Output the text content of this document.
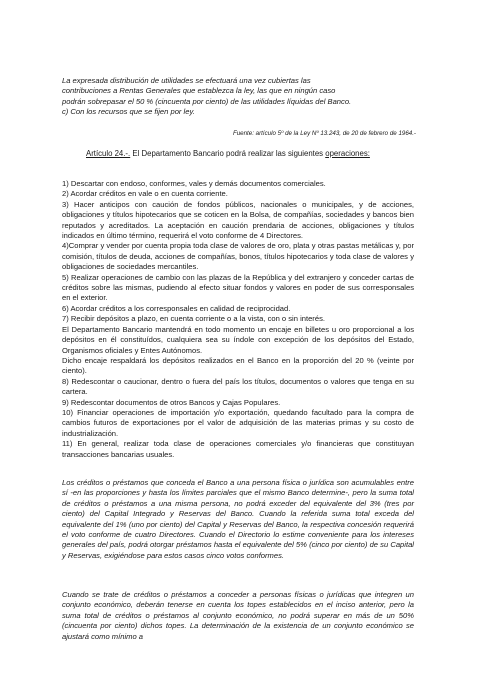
La expresada distribución de utilidades se efectuará una vez cubiertas las

contribuciones a Rentas Generales que establezca la ley, las que en ningún caso

podrán sobrepasar el 50 % (cincuenta por ciento) de las utilidades líquidas del Banco.

c) Con los recursos que se fijen por ley.

Fuente: artículo 5º de la Ley Nº 13.243, de 20 de febrero de 1964.-

Artículo 24.-. El Departamento Bancario podrá realizar las siguientes operaciones:

1) Descartar con endoso, conformes, vales y demás documentos comerciales.

2) Acordar créditos en vale o en cuenta corriente.

3) Hacer anticipos con caución de fondos públicos, nacionales o municipales, y de acciones, obligaciones y títulos hipotecarios que se coticen en la Bolsa, de compañías, sociedades y bancos bien reputados y acreditados. La aceptación en caución prendaria de acciones, obligaciones y títulos indicados en último término, requerirá el voto conforme de 4 Directores.

4)Comprar y vender por cuenta propia toda clase de valores de oro, plata y otras pastas metálicas y, por comisión, títulos de deuda, acciones de compañías, bonos, títulos hipotecarios y toda clase de valores y obligaciones de sociedades mercantiles.

5) Realizar operaciones de cambio con las plazas de la República y del extranjero y conceder cartas de créditos sobre las mismas, pudiendo al efecto situar fondos y valores en poder de sus corresponsales en el exterior.

6) Acordar créditos a los corresponsales en calidad de reciprocidad.

7) Recibir depósitos a plazo, en cuenta corriente o a la vista, con o sin interés.

El Departamento Bancario mantendrá en todo momento un encaje en billetes u oro proporcional a los depósitos en él constituídos, cualquiera sea su índole con excepción de los depósitos del Estado, Organismos oficiales y Entes Autónomos.

Dicho encaje respaldará los depósitos realizados en el Banco en la proporción del 20 % (veinte por ciento).

8) Redescontar o caucionar, dentro o fuera del país los títulos, documentos o valores que tenga en su cartera.

9) Redescontar documentos de otros Bancos y Cajas Populares.

10) Financiar operaciones de importación y/o exportación, quedando facultado para la compra de cambios futuros de exportaciones por el valor de adquisición de las materias primas y su costo de industrialización.

11) En general, realizar toda clase de operaciones comerciales y/o financieras que constituyan transacciones bancarias usuales.

Los créditos o préstamos que conceda el Banco a una persona física o jurídica son acumulables entre sí -en las proporciones y hasta los límites parciales que el mismo Banco determine-, pero la suma total de créditos o préstamos a una misma persona, no podrá exceder del equivalente del 3% (tres por ciento) del Capital Integrado y Reservas del Banco. Cuando la referida suma total exceda del equivalente del 1% (uno por ciento) del Capital y Reservas del Banco, la respectiva concesión requerirá el voto conforme de cuatro Directores. Cuando el Directorio lo estime conveniente para los intereses generales del país, podrá otorgar préstamos hasta el equivalente del 5% (cinco por ciento) de su Capital y Reservas, exigiéndose para estos casos cinco votos conformes.

Cuando se trate de créditos o préstamos a conceder a personas físicas o jurídicas que integren un conjunto económico, deberán tenerse en cuenta los topes establecidos en el inciso anterior, pero la suma total de créditos o préstamos al conjunto económico, no podrá superar en más de un 50% (cincuenta por ciento) dichos topes. La determinación de la existencia de un conjunto económico se ajustará como mínimo a
